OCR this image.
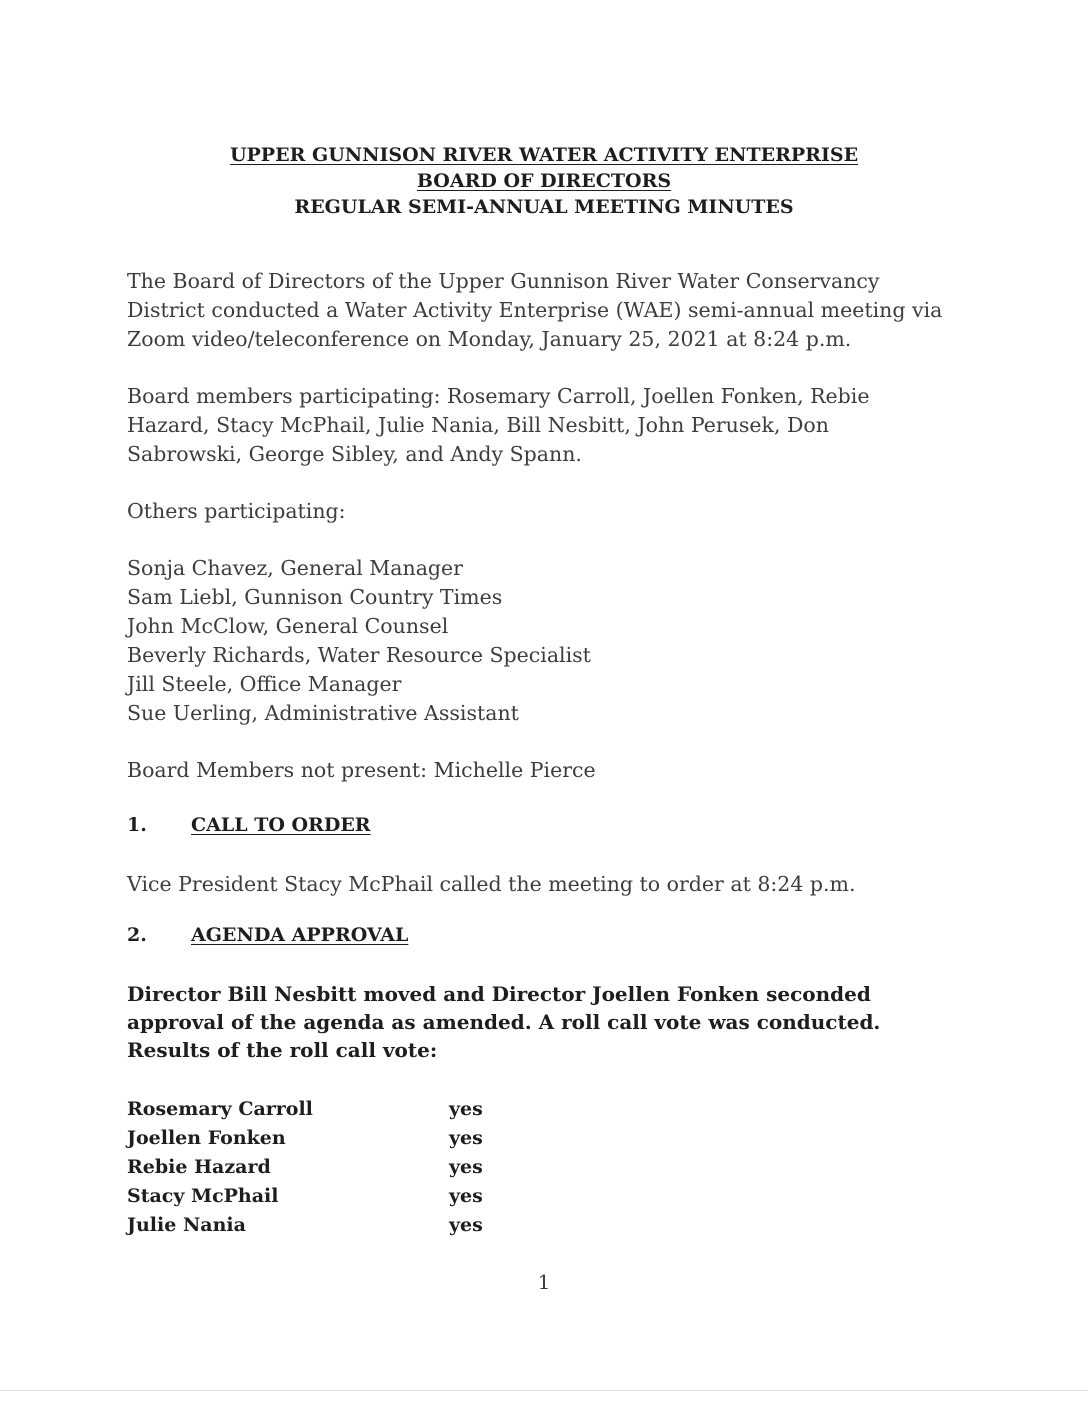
UPPER GUNNISON RIVER WATER ACTIVITY ENTERPRISE
BOARD OF DIRECTORS
REGULAR SEMI-ANNUAL MEETING MINUTES
The Board of Directors of the Upper Gunnison River Water Conservancy
District conducted a Water Activity Enterprise (WAE) semi-annual meeting via
Zoom video/teleconference on Monday, January 25, 2021 at 8:24 p.m.
Board members participating: Rosemary Carroll, Joellen Fonken, Rebie
Hazard, Stacy McPhail, Julie Nania, Bill Nesbitt, John Perusek, Don
Sabrowski, George Sibley, and Andy Spann.
Others participating:
Sonja Chavez, General Manager
Sam Liebl, Gunnison Country Times
John McClow, General Counsel
Beverly Richards, Water Resource Specialist
Jill Steele, Office Manager
Sue Uerling, Administrative Assistant
Board Members not present: Michelle Pierce
1. CALL TO ORDER
Vice President Stacy McPhail called the meeting to order at 8:24 p.m.
2. AGENDA APPROVAL
Director Bill Nesbitt moved and Director Joellen Fonken seconded
approval of the agenda as amended. A roll call vote was conducted.
Results of the roll call vote:
Rosemary Carroll	yes
Joellen Fonken	yes
Rebie Hazard	yes
Stacy McPhail	yes
Julie Nania	yes
1
